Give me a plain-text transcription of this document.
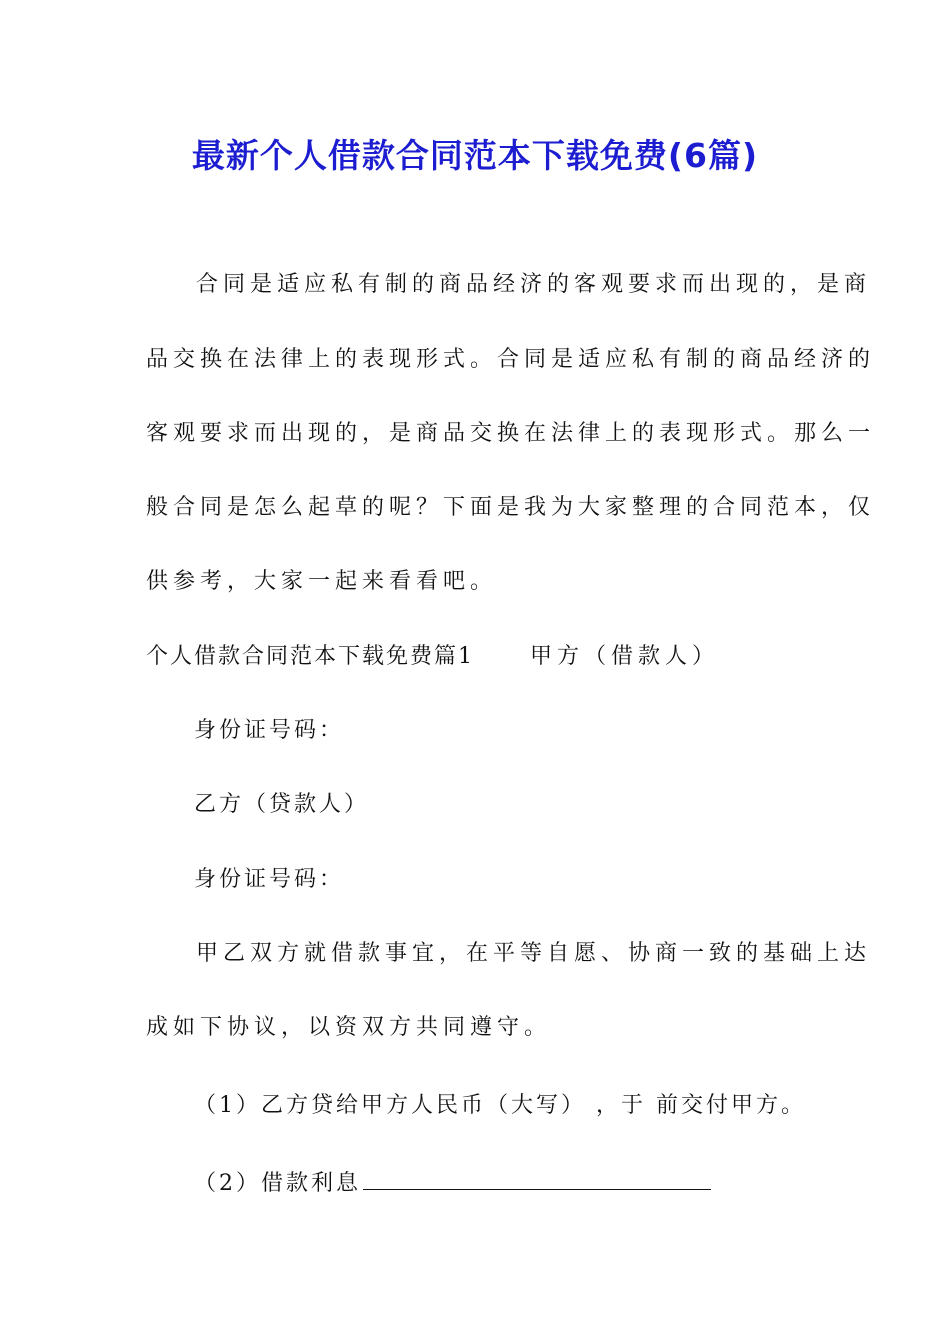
最新个人借款合同范本下载免费(6篇)
合同是适应私有制的商品经济的客观要求而出现的，是商
品交换在法律上的表现形式。合同是适应私有制的商品经济的
客观要求而出现的，是商品交换在法律上的表现形式。那么一
般合同是怎么起草的呢？下面是我为大家整理的合同范本，仅
供参考，大家一起来看看吧。
个人借款合同范本下载免费篇1	甲方（借款人）
身份证号码：
乙方（贷款人）
身份证号码：
甲乙双方就借款事宜，在平等自愿、协商一致的基础上达
成如下协议，以资双方共同遵守。
（1）乙方贷给甲方人民币（大写） ，于 前交付甲方。
（2）借款利息
